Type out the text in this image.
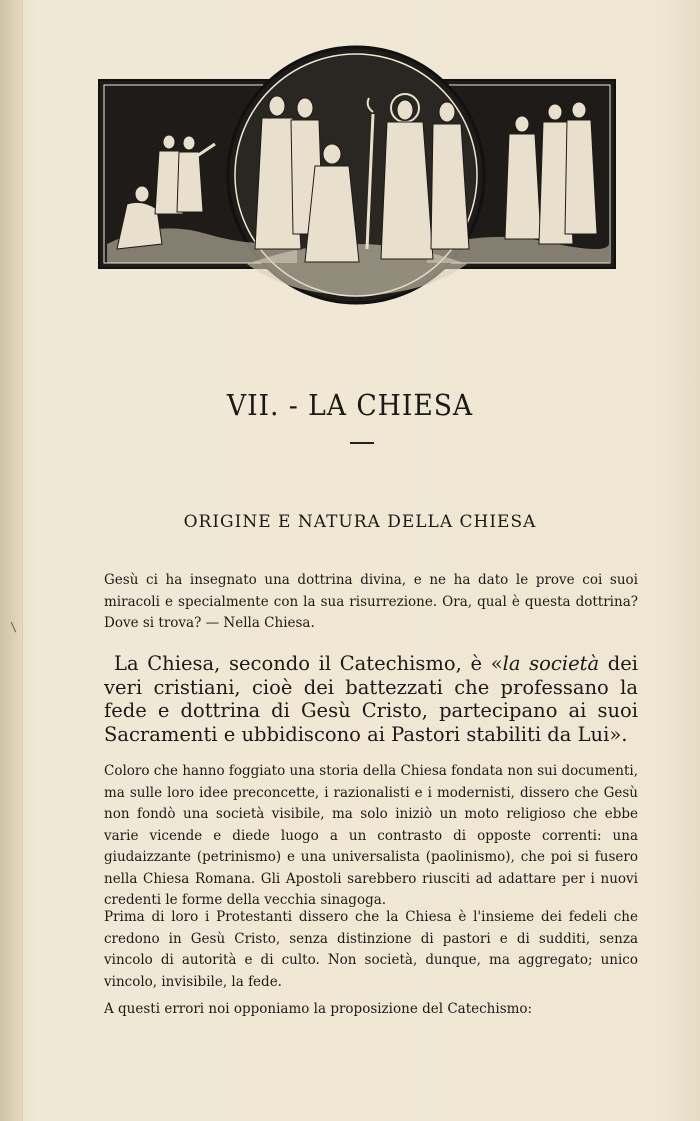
\
VII. - LA CHIESA
ORIGINE E NATURA DELLA CHIESA

Gesù ci ha insegnato una dottrina divina, e ne ha dato le prove coi suoi miracoli e specialmente con la sua risurrezione. Ora, qual è questa dottrina? Dove si trova? — Nella Chiesa.

La Chiesa, secondo il Catechismo, è «la società dei veri cristiani, cioè dei battezzati che professano la fede e dottrina di Gesù Cristo, partecipano ai suoi Sacramenti e ubbidiscono ai Pastori stabiliti da Lui».

Coloro che hanno foggiato una storia della Chiesa fondata non sui documenti, ma sulle loro idee preconcette, i razionalisti e i modernisti, dissero che Gesù non fondò una società visibile, ma solo iniziò un moto religioso che ebbe varie vicende e diede luogo a un contrasto di opposte correnti: una giudaizzante (petrinismo) e una universalista (paolinismo), che poi si fusero nella Chiesa Romana. Gli Apostoli sarebbero riusciti ad adattare per i nuovi credenti le forme della vecchia sinagoga.

Prima di loro i Protestanti dissero che la Chiesa è l'insieme dei fedeli che credono in Gesù Cristo, senza distinzione di pastori e di sudditi, senza vincolo di autorità e di culto. Non società, dunque, ma aggregato; unico vincolo, invisibile, la fede.

A questi errori noi opponiamo la proposizione del Catechismo:
